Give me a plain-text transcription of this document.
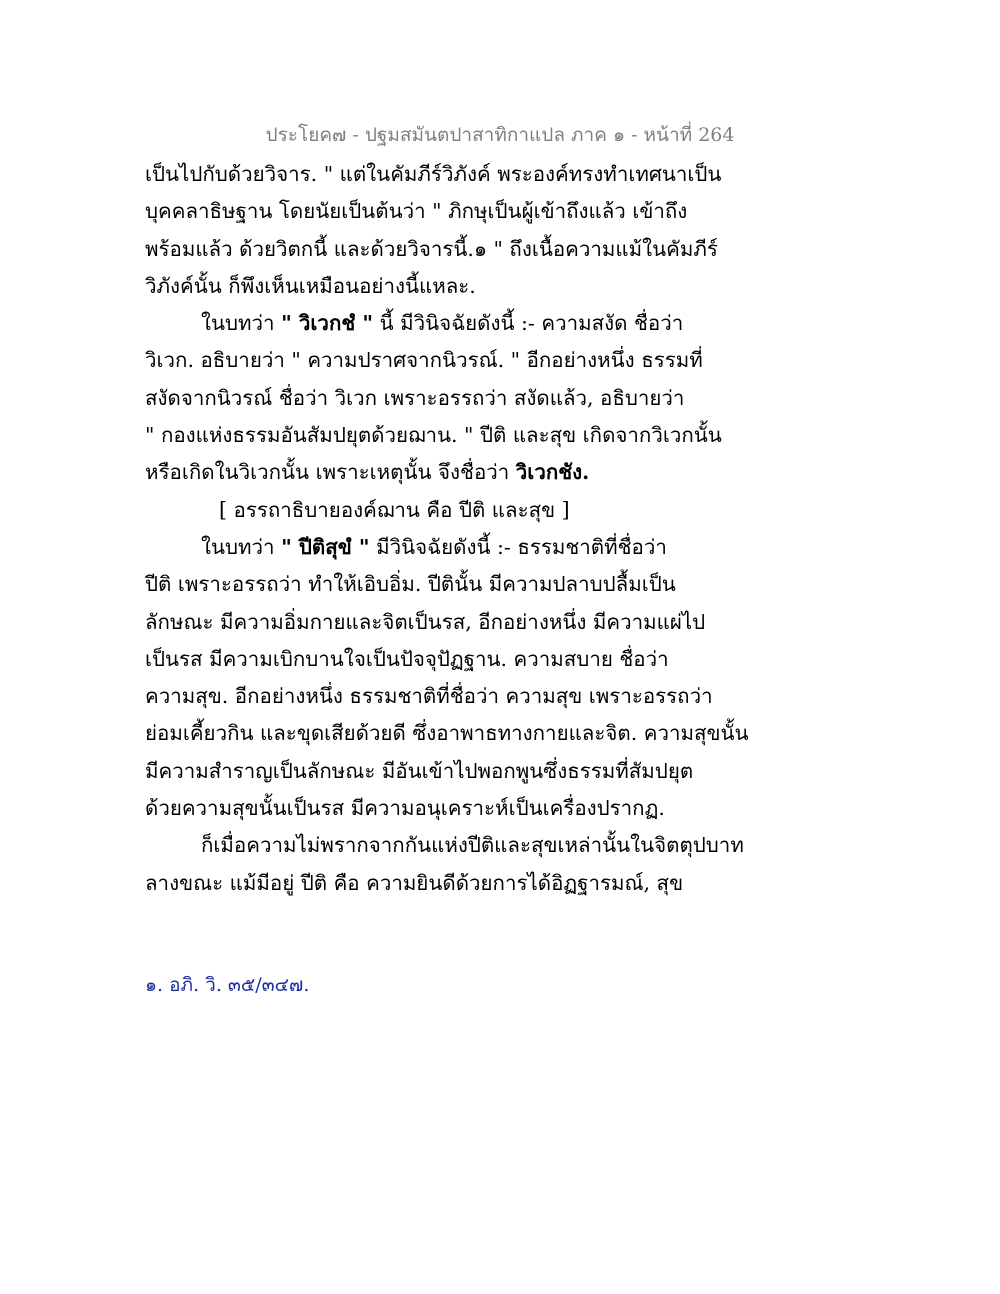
ประโยค๗ - ปฐมสมันตปาสาทิกาแปล ภาค ๑ - หน้าที่ 264
เป็นไปกับด้วยวิจาร. " แต่ในคัมภีร์วิภังค์ พระองค์ทรงทำเทศนาเป็น
บุคคลาธิษฐาน โดยนัยเป็นต้นว่า " ภิกษุเป็นผู้เข้าถึงแล้ว เข้าถึง
พร้อมแล้ว ด้วยวิตกนี้ และด้วยวิจารนี้.๑ " ถึงเนื้อความแม้ในคัมภีร์
วิภังค์นั้น ก็พึงเห็นเหมือนอย่างนี้แหละ.
ในบทว่า " วิเวกชํ " นี้ มีวินิจฉัยดังนี้ :- ความสงัด ชื่อว่า
วิเวก. อธิบายว่า " ความปราศจากนิวรณ์. " อีกอย่างหนึ่ง ธรรมที่
สงัดจากนิวรณ์ ชื่อว่า วิเวก เพราะอรรถว่า สงัดแล้ว, อธิบายว่า
" กองแห่งธรรมอันสัมปยุตด้วยฌาน. " ปีติ และสุข เกิดจากวิเวกนั้น
หรือเกิดในวิเวกนั้น เพราะเหตุนั้น จึงชื่อว่า วิเวกชัง.
[ อรรถาธิบายองค์ฌาน คือ ปีติ และสุข ]
ในบทว่า " ปีติสุขํ " มีวินิจฉัยดังนี้ :- ธรรมชาติที่ชื่อว่า
ปีติ เพราะอรรถว่า ทำให้เอิบอิ่ม. ปีตินั้น มีความปลาบปลื้มเป็น
ลักษณะ มีความอิ่มกายและจิตเป็นรส, อีกอย่างหนึ่ง มีความแผ่ไป
เป็นรส มีความเบิกบานใจเป็นปัจจุปัฏฐาน. ความสบาย ชื่อว่า
ความสุข. อีกอย่างหนึ่ง ธรรมชาติที่ชื่อว่า ความสุข เพราะอรรถว่า
ย่อมเคี้ยวกิน และขุดเสียด้วยดี ซึ่งอาพาธทางกายและจิต. ความสุขนั้น
มีความสำราญเป็นลักษณะ มีอันเข้าไปพอกพูนซึ่งธรรมที่สัมปยุต
ด้วยความสุขนั้นเป็นรส มีความอนุเคราะห์เป็นเครื่องปรากฏ.
ก็เมื่อความไม่พรากจากกันแห่งปีติและสุขเหล่านั้นในจิตตุปบาท
ลางขณะ แม้มีอยู่ ปีติ คือ ความยินดีด้วยการได้อิฏฐารมณ์, สุข
๑. อภิ. วิ. ๓๕/๓๔๗.
